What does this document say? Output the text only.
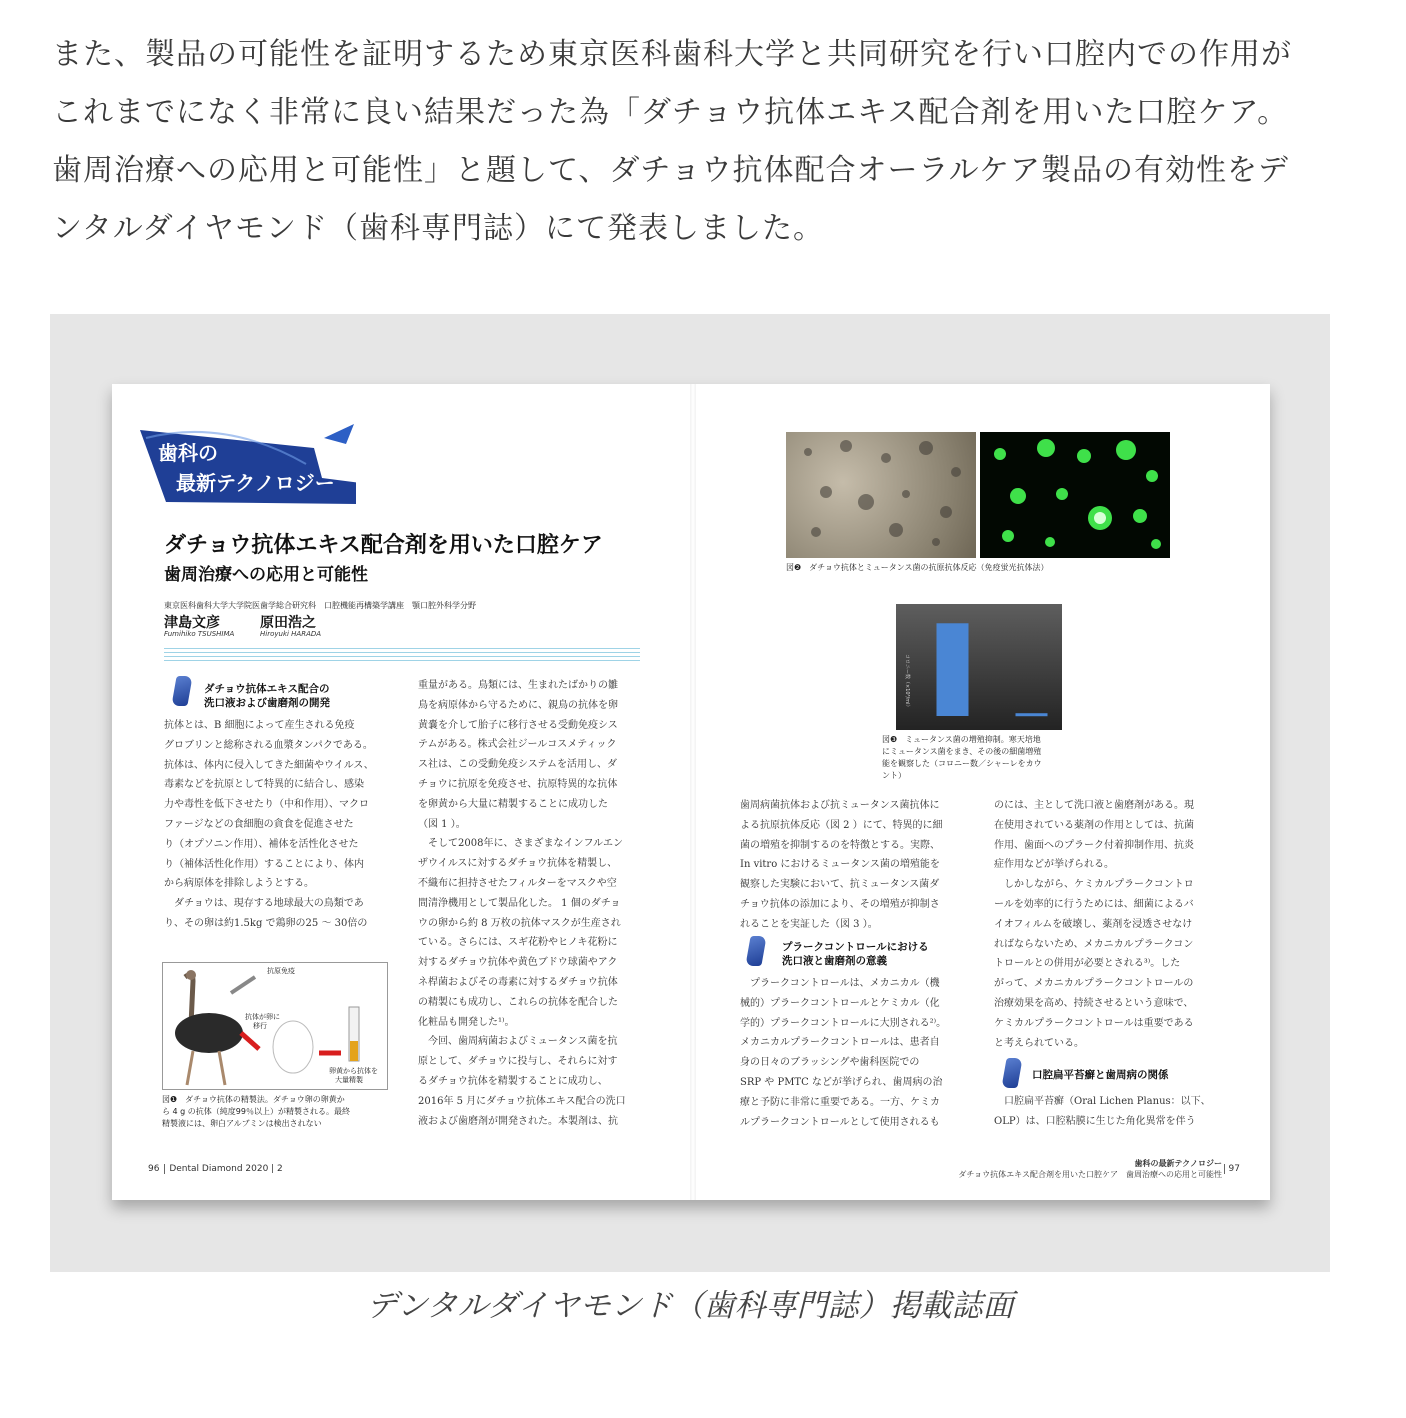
また、製品の可能性を証明するため東京医科歯科大学と共同研究を行い口腔内での作用が

これまでになく非常に良い結果だった為「ダチョウ抗体エキス配合剤を用いた口腔ケア。

歯周治療への応用と可能性」と題して、ダチョウ抗体配合オーラルケア製品の有効性をデ

ンタルダイヤモンド（歯科専門誌）にて発表しました。

歯科の
最新テクノロジー
ダチョウ抗体エキス配合剤を用いた口腔ケア
歯周治療への応用と可能性
東京医科歯科大学大学院医歯学総合研究科　口腔機能再構築学講座　顎口腔外科学分野
津島文彦
Fumihiko TSUSHIMA
原田浩之
Hiroyuki HARADA
ダチョウ抗体エキス配合の
洗口液および歯磨剤の開発
抗体とは、B 細胞によって産生される免疫
グロブリンと総称される血漿タンパクである。
抗体は、体内に侵入してきた細菌やウイルス、
毒素などを抗原として特異的に結合し、感染
力や毒性を低下させたり（中和作用）、マクロ
ファージなどの食細胞の貪食を促進させた
り（オプソニン作用）、補体を活性化させた
り（補体活性化作用）することにより、体内
から病原体を排除しようとする。
　ダチョウは、現存する地球最大の鳥類であ
り、その卵は約1.5kg で鶏卵の25 ～ 30倍の
抗原免疫
抗体が卵に
移行
卵黄から抗体を
大量精製
図❶　ダチョウ抗体の精製法。ダチョウ卵の卵黄か
ら 4 g の抗体（純度99％以上）が精製される。最終
精製液には、卵白アルブミンは検出されない
重量がある。鳥類には、生まれたばかりの雛
鳥を病原体から守るために、親鳥の抗体を卵
黄嚢を介して胎子に移行させる受動免疫シス
テムがある。株式会社ジールコスメティック
ス社は、この受動免疫システムを活用し、ダ
チョウに抗原を免疫させ、抗原特異的な抗体
を卵黄から大量に精製することに成功した
（図 1 ）。
　そして2008年に、さまざまなインフルエン
ザウイルスに対するダチョウ抗体を精製し、
不織布に担持させたフィルターをマスクや空
間清浄機用として製品化した。 1 個のダチョ
ウの卵から約 8 万枚の抗体マスクが生産され
ている。さらには、スギ花粉やヒノキ花粉に
対するダチョウ抗体や黄色ブドウ球菌やアク
ネ桿菌およびその毒素に対するダチョウ抗体
の精製にも成功し、これらの抗体を配合した
化粧品も開発した¹⁾。
　今回、歯周病菌およびミュータンス菌を抗
原として、ダチョウに投与し、それらに対す
るダチョウ抗体を精製することに成功し、
2016年 5 月にダチョウ抗体エキス配合の洗口
液および歯磨剤が開発された。本製剤は、抗
96 Dental Diamond 2020 | 2
図❷　ダチョウ抗体とミュータンス菌の抗原抗体反応（免疫蛍光抗体法）
コロニー数（×10³/ml）
図❸　ミュータンス菌の増殖抑制。寒天培地
にミュータンス菌をまき、その後の細菌増殖
能を観察した（コロニー数／シャーレをカウ
ント）
歯周病菌抗体および抗ミュータンス菌抗体に
よる抗原抗体反応（図 2 ）にて、特異的に細
菌の増殖を抑制するのを特徴とする。実際、
In vitro におけるミュータンス菌の増殖能を
観察した実験において、抗ミュータンス菌ダ
チョウ抗体の添加により、その増殖が抑制さ
れることを実証した（図 3 ）。
プラークコントロールにおける
洗口液と歯磨剤の意義
　プラークコントロールは、メカニカル（機
械的）プラークコントロールとケミカル（化
学的）プラークコントロールに大別される²⁾。
メカニカルプラークコントロールは、患者自
身の日々のブラッシングや歯科医院での
SRP や PMTC などが挙げられ、歯周病の治
療と予防に非常に重要である。一方、ケミカ
ルプラークコントロールとして使用されるも
のには、主として洗口液と歯磨剤がある。現
在使用されている薬剤の作用としては、抗菌
作用、歯面へのプラーク付着抑制作用、抗炎
症作用などが挙げられる。
　しかしながら、ケミカルプラークコントロ
ールを効率的に行うためには、細菌によるバ
イオフィルムを破壊し、薬剤を浸透させなけ
ればならないため、メカニカルプラークコン
トロールとの併用が必要とされる³⁾。した
がって、メカニカルプラークコントロールの
治療効果を高め、持続させるという意味で、
ケミカルプラークコントロールは重要である
と考えられている。
口腔扁平苔癬と歯周病の関係
　口腔扁平苔癬（Oral Lichen Planus：以下、
OLP）は、口腔粘膜に生じた角化異常を伴う
歯科の最新テクノロジー
ダチョウ抗体エキス配合剤を用いた口腔ケア　歯周治療への応用と可能性
97
デンタルダイヤモンド（歯科専門誌）掲載誌面
